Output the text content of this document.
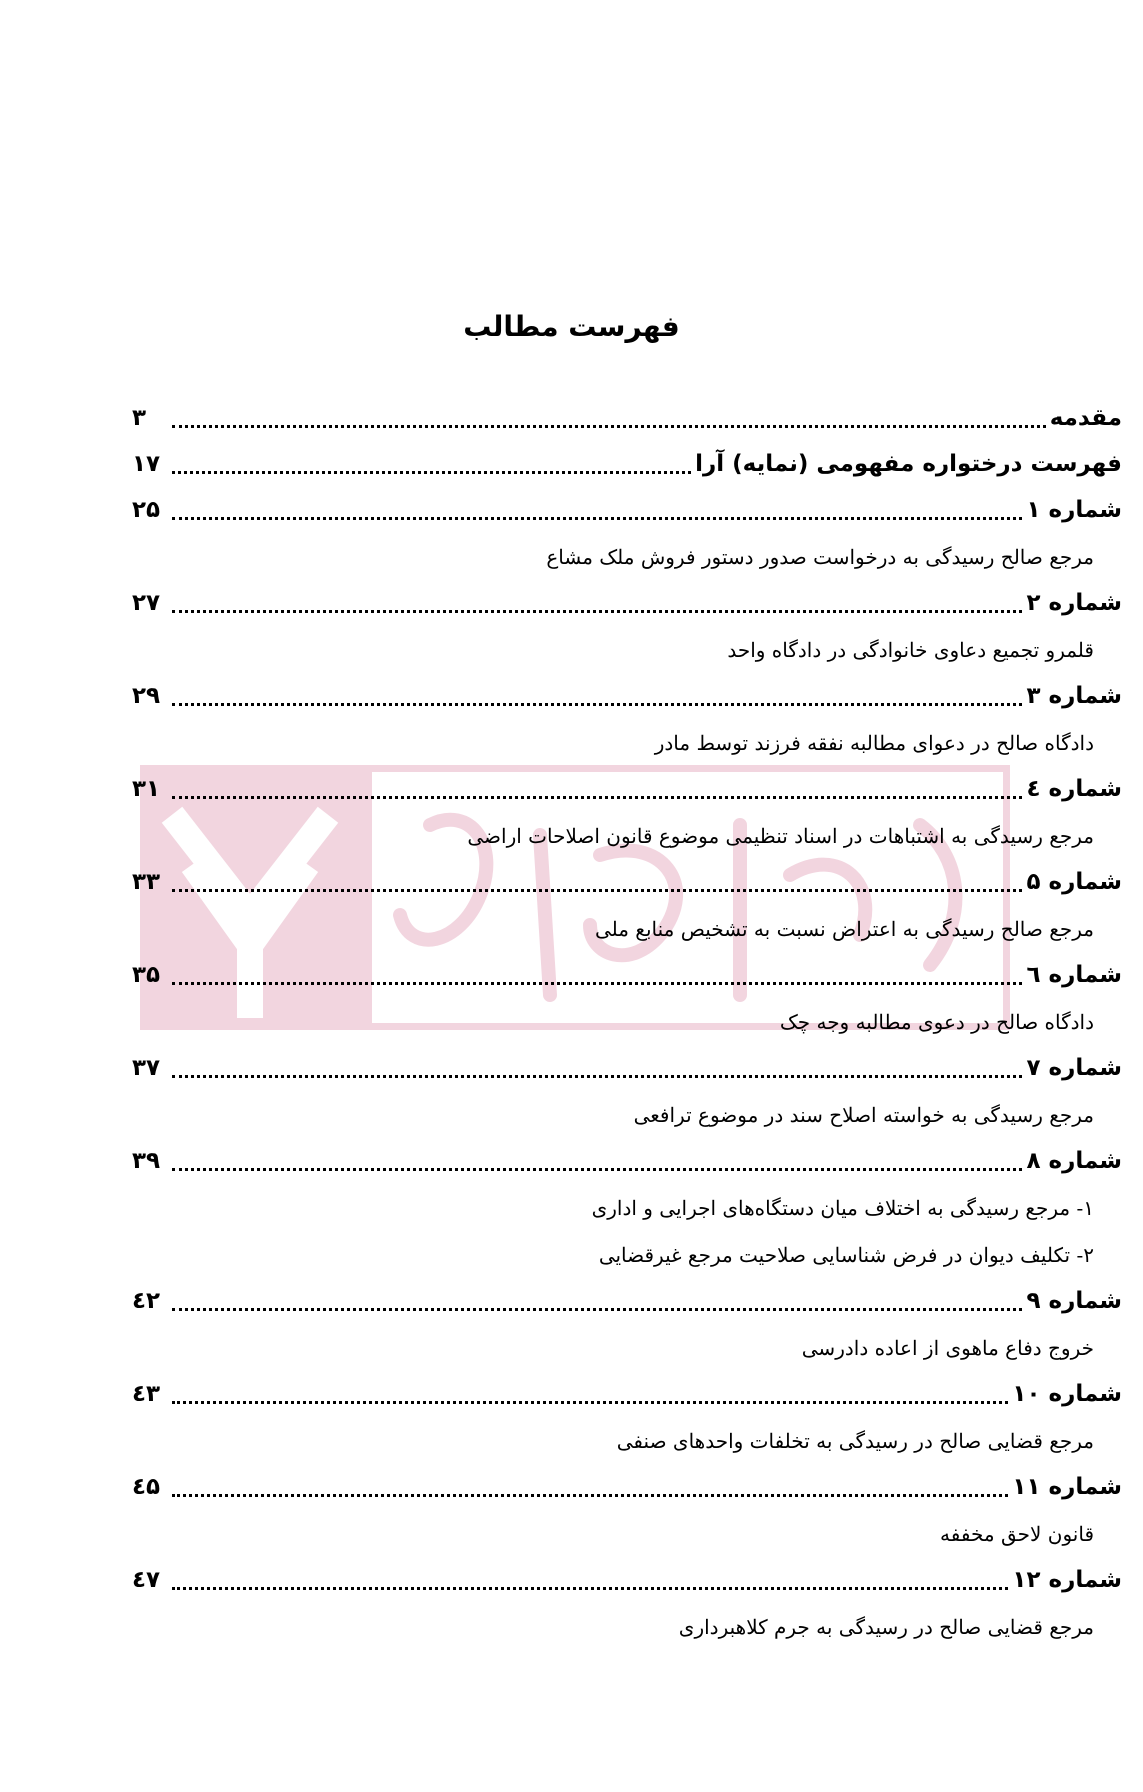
فهرست مطالب
مقدمه
۳
فهرست درختواره مفهومی (نمایه) آرا
۱۷
شماره ۱
۲۵
مرجع صالح رسیدگی به درخواست صدور دستور فروش ملک مشاع
شماره ۲
۲۷
قلمرو تجمیع دعاوی خانوادگی در دادگاه واحد
شماره ۳
۲۹
دادگاه صالح در دعوای مطالبه نفقه فرزند توسط مادر
شماره ٤
۳۱
مرجع رسیدگی به اشتباهات در اسناد تنظیمی موضوع قانون اصلاحات اراضی
شماره ۵
۳۳
مرجع صالح رسیدگی به اعتراض نسبت به تشخیص منابع ملی
شماره ٦
۳۵
دادگاه صالح در دعوی مطالبه وجه چک
شماره ۷
۳۷
مرجع رسیدگی به خواسته اصلاح سند در موضوع ترافعی
شماره ۸
۳۹
۱- مرجع رسیدگی به اختلاف میان دستگاه‌های اجرایی و اداری
۲- تکلیف دیوان در فرض شناسایی صلاحیت مرجع غیرقضایی
شماره ۹
٤۲
خروج دفاع ماهوی از اعاده دادرسی
شماره ۱۰
٤۳
مرجع قضایی صالح در رسیدگی به تخلفات واحدهای صنفی
شماره ۱۱
٤۵
قانون لاحق مخففه
شماره ۱۲
٤۷
مرجع قضایی صالح در رسیدگی به جرم کلاهبرداری
